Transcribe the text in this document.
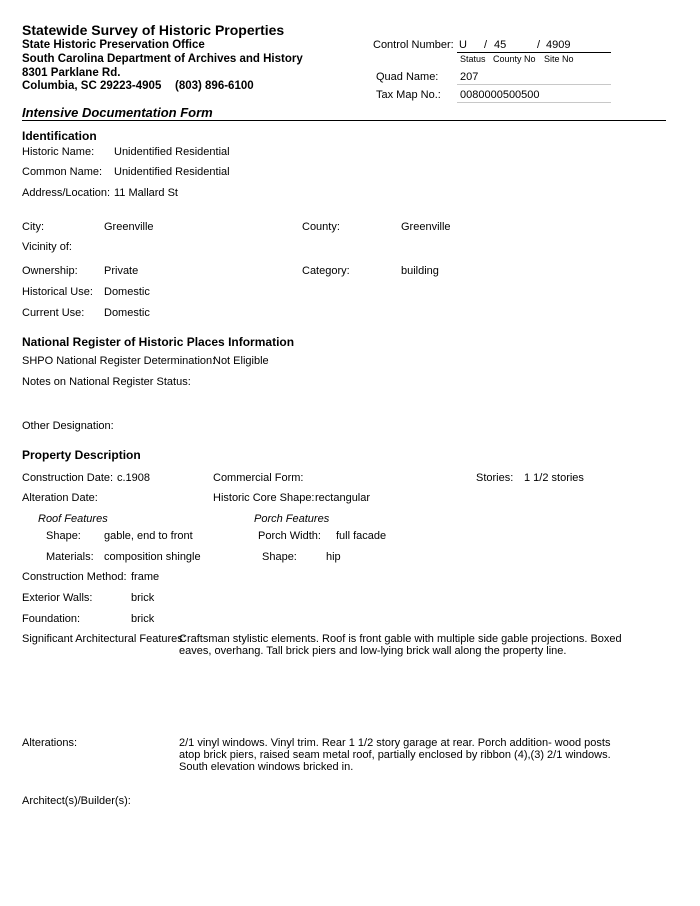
Statewide Survey of Historic Properties
State Historic Preservation Office
South Carolina Department of Archives and History
8301 Parklane Rd.
Columbia, SC 29223-4905 (803) 896-6100
Control Number: U / 45	/ 4909
Status County No Site No
Quad Name: 207
Tax Map No.: 0080000500500
Intensive Documentation Form
Identification
Historic Name: Unidentified Residential
Common Name: Unidentified Residential
Address/Location: 11 Mallard St
City:	Greenville	County:	Greenville
Vicinity of:
Ownership: Private	Category:	building
Historical Use: Domestic
Current Use: Domestic
National Register of Historic Places Information
SHPO National Register Determination:
Not Eligible
Notes on National Register Status:
Other Designation:
Property Description
Construction Date: c.1908	Commercial Form:	Stories: 1 1/2 stories
Alteration Date:	Historic Core Shape: rectangular
Roof Features	Porch Features
Shape: gable, end to front	Porch Width: full facade
Materials: composition shingle	Shape:	hip
Construction Method: frame
Exterior Walls:	brick
Foundation:	brick
Significant Architectural Features:
Craftsman stylistic elements. Roof is front gable with multiple side gable projections. Boxed eaves, overhang. Tall brick piers and low-lying brick wall along the property line.
Alterations:	2/1 vinyl windows. Vinyl trim. Rear 1 1/2 story garage at rear. Porch addition- wood posts atop brick piers, raised seam metal roof, partially enclosed by ribbon (4),(3) 2/1 windows. South elevation windows bricked in.
Architect(s)/Builder(s):
